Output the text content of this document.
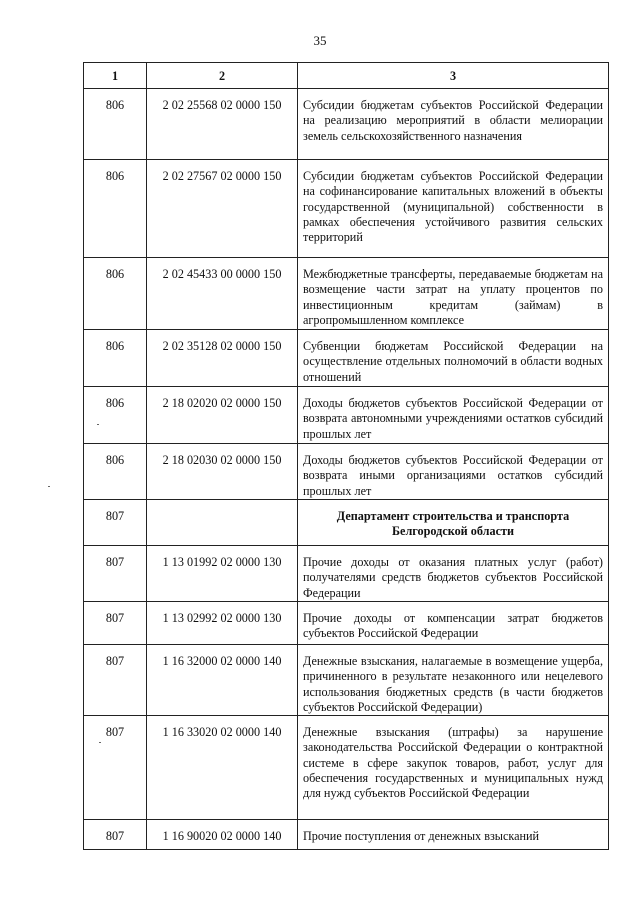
35
1	2	3
806	2 02 25568 02 0000 150	Субсидии бюджетам субъектов Российской Федерации на реализацию мероприятий в области мелиорации земель сельскохозяйственного назначения
806	2 02 27567 02 0000 150	Субсидии бюджетам субъектов Российской Федерации на софинансирование капитальных вложений в объекты государственной (муниципальной) собственности в рамках обеспечения устойчивого развития сельских территорий
806	2 02 45433 00 0000 150	Межбюджетные трансферты, передаваемые бюджетам на возмещение части затрат на уплату процентов по инвестиционным кредитам (займам) в агропромышленном комплексе
806	2 02 35128 02 0000 150	Субвенции бюджетам Российской Федерации на осуществление отдельных полномочий в области водных отношений
806	2 18 02020 02 0000 150	Доходы бюджетов субъектов Российской Федерации от возврата автономными учреждениями остатков субсидий прошлых лет
806	2 18 02030 02 0000 150	Доходы бюджетов субъектов Российской Федерации от возврата иными организациями остатков субсидий прошлых лет
807		Департамент строительства и транспорта Белгородской области
807	1 13 01992 02 0000 130	Прочие доходы от оказания платных услуг (работ) получателями средств бюджетов субъектов Российской Федерации
807	1 13 02992 02 0000 130	Прочие доходы от компенсации затрат бюджетов субъектов Российской Федерации
807	1 16 32000 02 0000 140	Денежные взыскания, налагаемые в возмещение ущерба, причиненного в результате незаконного или нецелевого использования бюджетных средств (в части бюджетов субъектов Российской Федерации)
807	1 16 33020 02 0000 140	Денежные взыскания (штрафы) за нарушение законодательства Российской Федерации о контрактной системе в сфере закупок товаров, работ, услуг для обеспечения государственных и муниципальных нужд для нужд субъектов Российской Федерации
807	1 16 90020 02 0000 140	Прочие поступления от денежных взысканий
